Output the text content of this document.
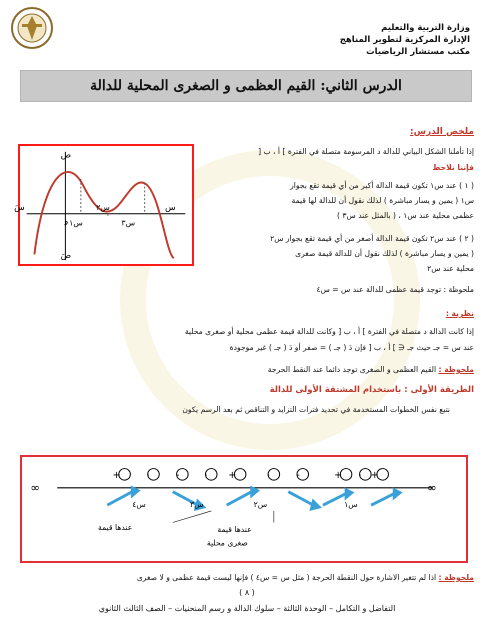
وزارة التربية والتعليم
الإدارة المركزية لتطوير المناهج
مكتب مستشار الرياضيات
الدرس الثاني: القيم العظمى و الصغرى المحلية للدالة
ملخص الدرس:
إذا تأملنا الشكل البياني للدالة د المرسومة متصلة في الفترة ] أ ، ب [
فإننا نلاحظ
( ١ ) عند س١ تكون قيمة الدالة أكبر من أي قيمة تقع بجوار
س١ ( يمين و يسار مباشرة ) لذلك نقول أن للدالة لها قيمة
عظمى محلية عند س١ ، ( بالمثل عند س٣ )
( ٢ ) عند س٢ تكون قيمة الدالة أصغر من أي قيمة تقع بجوار س٢
( يمين و يسار مباشرة ) لذلك نقول أن للدالة قيمة صغرى
محلية عند س٢
ملحوظة : توجد قيمة عظمى للدالة عند س = س٤
نظرية :
إذا كانت الدالة د متصلة في الفترة ] أ ، ب [ وكانت للدالة قيمة عظمى محلية أو صغرى محلية
عند س = جـ حيث جـ ∈ ] أ ، ب [ فإن دَ ( جـ ) = صفر أو دَ ( جـ ) غير موجودة
ملحوظة : القيم العظمى و الصغرى توجد دائما عند النقط الحرجة
الطريقة الأولى : باستخدام المشتقة الأولى للدالة
نتبع نفس الخطوات المستخدمة في تحديد فترات التزايد و التناقص ثم بعد الرسم يكون
ص
صَ
س
سَ
و س١
س٢
س٣
∞	∞
+	-	+	-	+	+
٠	٠	٠	٠
س٤	س٣	س٢	س١
عندها قيمة	عندها قيمة
صغرى محلية
ملحوظة : اذا لم تتغير الاشارة حول النقطة الحرجة ( مثل س = س٤ ) فإنها ليست قيمة عظمى و لا صغرى
( ٨ )
التفاضل و التكامل – الوحدة الثالثة – سلوك الدالة و رسم المنحنيات – الصف الثالث الثانوي
